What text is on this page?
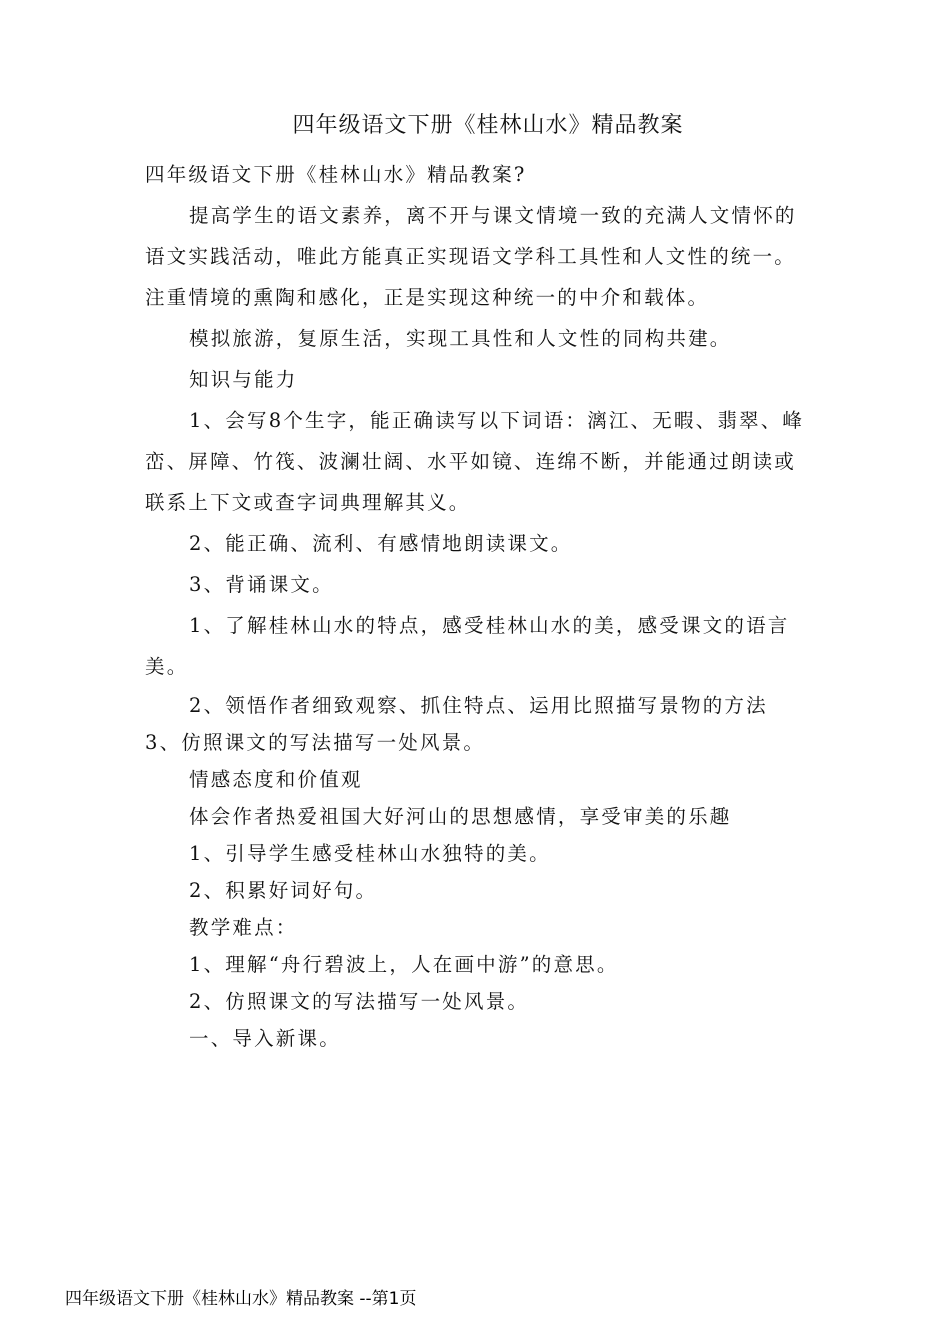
四年级语文下册《桂林山水》精品教案

四年级语文下册《桂林山水》精品教案?

提高学生的语文素养，离不开与课文情境一致的充满人文情怀的语文实践活动，唯此方能真正实现语文学科工具性和人文性的统一。注重情境的熏陶和感化，正是实现这种统一的中介和载体。

模拟旅游，复原生活，实现工具性和人文性的同构共建。

知识与能力

1、会写8个生字，能正确读写以下词语：漓江、无暇、翡翠、峰峦、屏障、竹筏、波澜壮阔、水平如镜、连绵不断，并能通过朗读或联系上下文或查字词典理解其义。

2、能正确、流利、有感情地朗读课文。

3、背诵课文。

1、了解桂林山水的特点，感受桂林山水的美，感受课文的语言美。

2、领悟作者细致观察、抓住特点、运用比照描写景物的方法

3、仿照课文的写法描写一处风景。

情感态度和价值观

体会作者热爱祖国大好河山的思想感情，享受审美的乐趣

1、引导学生感受桂林山水独特的美。

2、积累好词好句。

教学难点：

1、理解“舟行碧波上，人在画中游”的意思。

2、仿照课文的写法描写一处风景。

一、导入新课。

四年级语文下册《桂林山水》精品教案 --第1页
